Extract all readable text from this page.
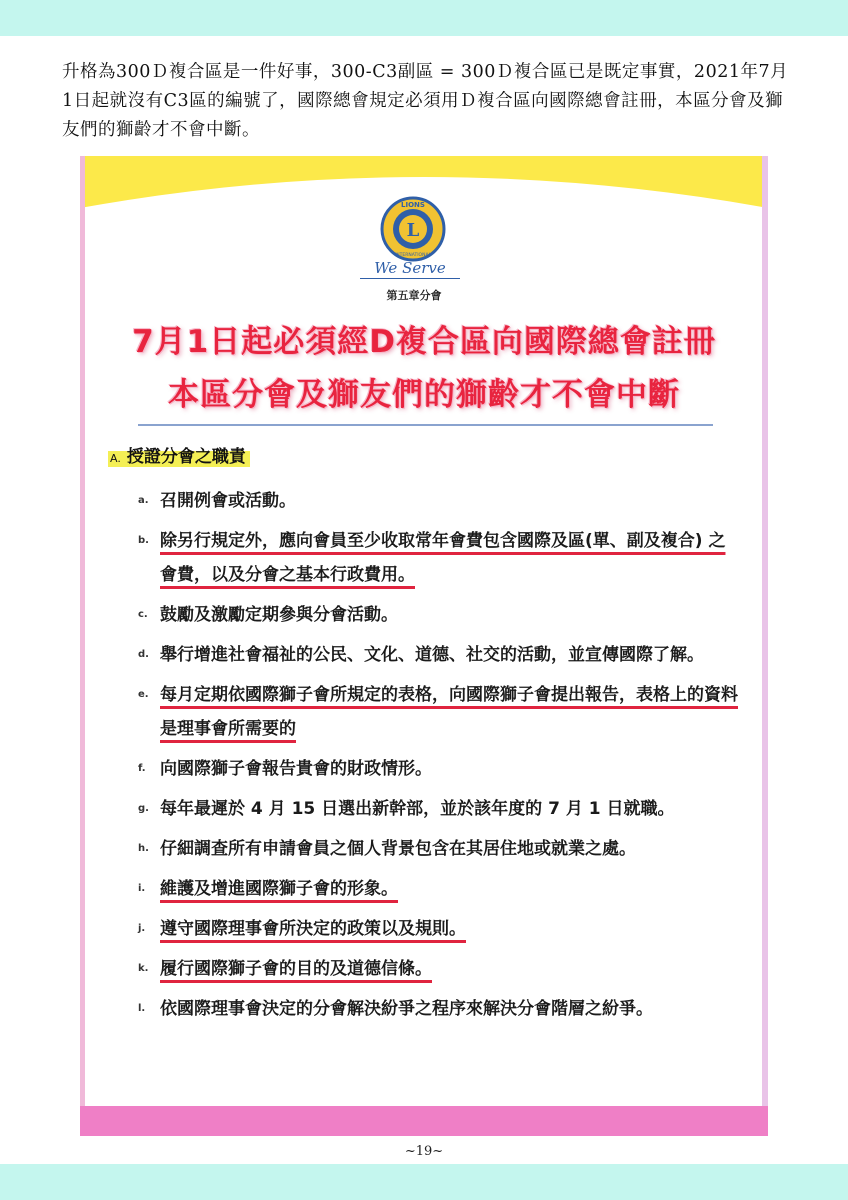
升格為300Ｄ複合區是一件好事，300-C3副區 = 300Ｄ複合區已是既定事實，2021年7月1日起就沒有C3區的編號了，國際總會規定必須用Ｄ複合區向國際總會註冊，本區分會及獅友們的獅齡才不會中斷。

L
LIONS
INTERNATIONAL
We Serve
第五章分會
7月1日起必須經D複合區向國際總會註冊
本區分會及獅友們的獅齡才不會中斷
A. 授證分會之職責
a. 召開例會或活動。
b. 除另行規定外，應向會員至少收取常年會費包含國際及區(單、副及複合) 之會費，以及分會之基本行政費用。
c. 鼓勵及激勵定期參與分會活動。
d. 舉行增進社會福祉的公民、文化、道德、社交的活動，並宣傳國際了解。
e. 每月定期依國際獅子會所規定的表格，向國際獅子會提出報告，表格上的資料是理事會所需要的
f. 向國際獅子會報告貴會的財政情形。
g. 每年最遲於 4 月 15 日選出新幹部，並於該年度的 7 月 1 日就職。
h. 仔細調查所有申請會員之個人背景包含在其居住地或就業之處。
i. 維護及增進國際獅子會的形象。
j. 遵守國際理事會所決定的政策以及規則。
k. 履行國際獅子會的目的及道德信條。
l. 依國際理事會決定的分會解決紛爭之程序來解決分會階層之紛爭。
~19~
